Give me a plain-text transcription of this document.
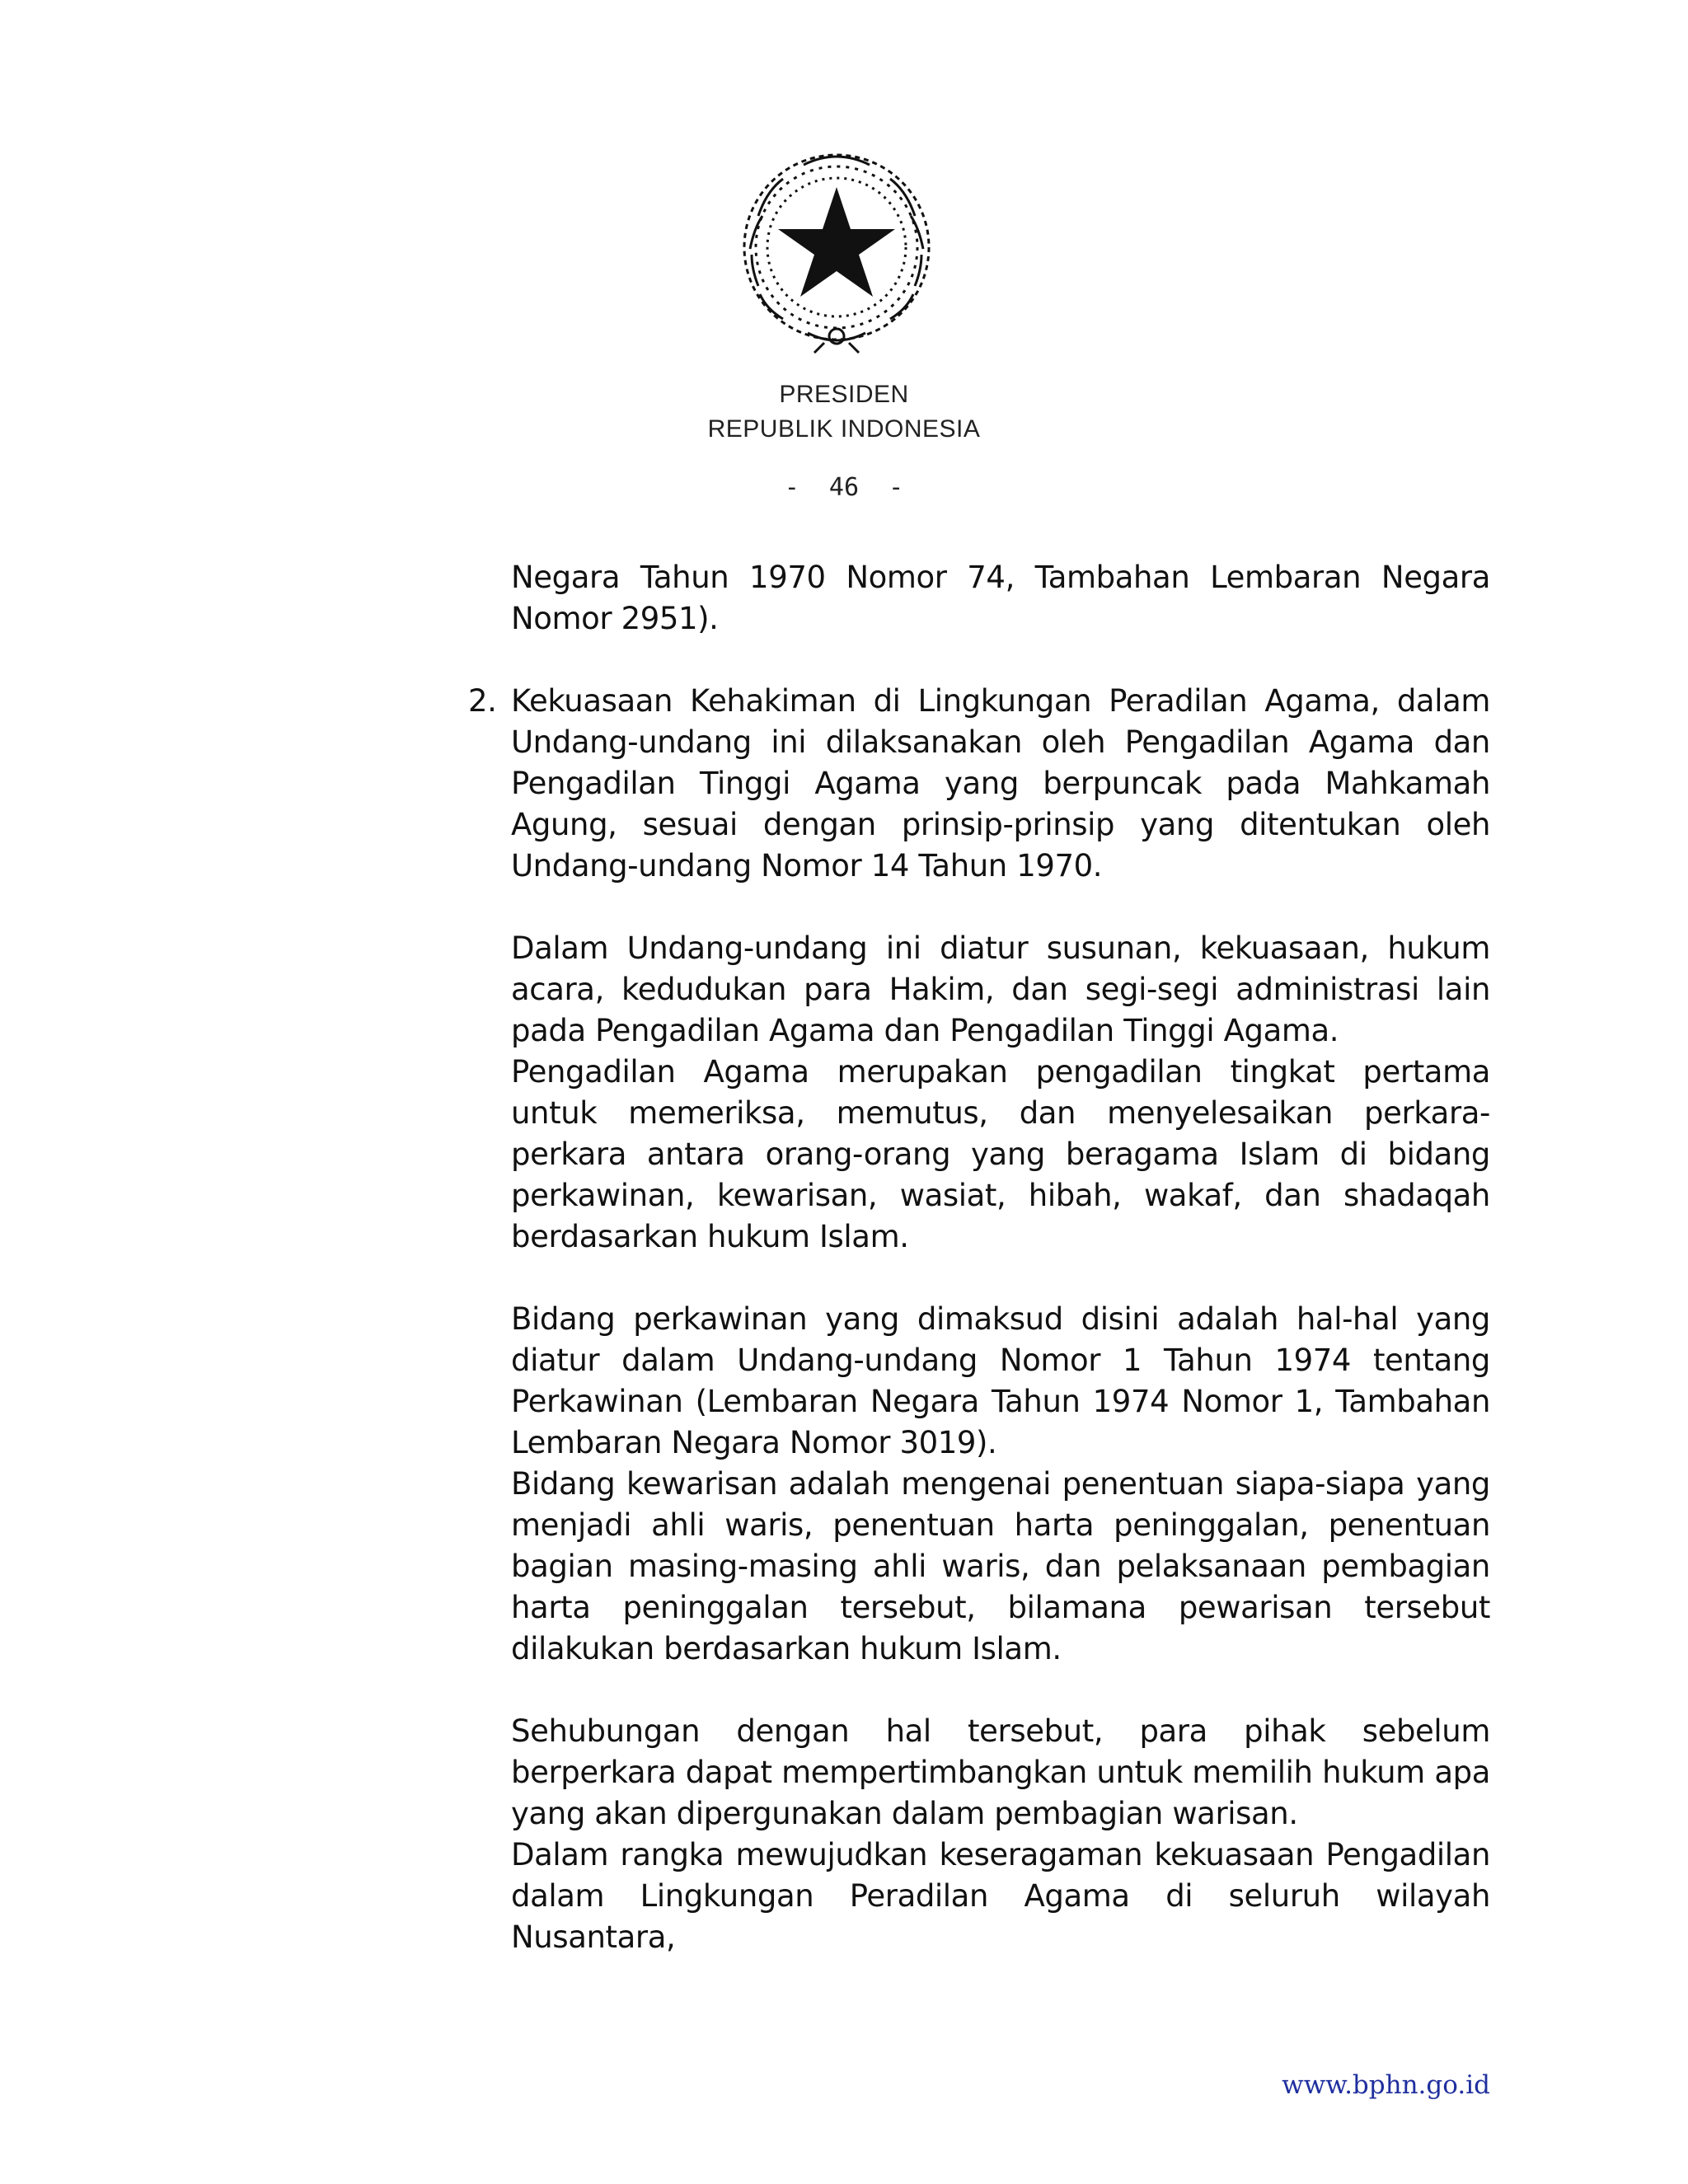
PRESIDEN
REPUBLIK INDONESIA
-  46  -

Negara Tahun 1970 Nomor 74, Tambahan Lembaran Negara Nomor 2951).

2. Kekuasaan Kehakiman di Lingkungan Peradilan Agama, dalam Undang-undang ini dilaksanakan oleh Pengadilan Agama dan Pengadilan Tinggi Agama yang berpuncak pada Mahkamah Agung, sesuai dengan prinsip-prinsip yang ditentukan oleh Undang-undang Nomor 14 Tahun 1970.

Dalam Undang-undang ini diatur susunan, kekuasaan, hukum acara, kedudukan para Hakim, dan segi-segi administrasi lain pada Pengadilan Agama dan Pengadilan Tinggi Agama.

Pengadilan Agama merupakan pengadilan tingkat pertama untuk memeriksa, memutus, dan menyelesaikan perkara-perkara antara orang-orang yang beragama Islam di bidang perkawinan, kewarisan, wasiat, hibah, wakaf, dan shadaqah berdasarkan hukum Islam.

Bidang perkawinan yang dimaksud disini adalah hal-hal yang diatur dalam Undang-undang Nomor 1 Tahun 1974 tentang Perkawinan (Lembaran Negara Tahun 1974 Nomor 1, Tambahan Lembaran Negara Nomor 3019).

Bidang kewarisan adalah mengenai penentuan siapa-siapa yang menjadi ahli waris, penentuan harta peninggalan, penentuan bagian masing-masing ahli waris, dan pelaksanaan pembagian harta peninggalan tersebut, bilamana pewarisan tersebut dilakukan berdasarkan hukum Islam.

Sehubungan dengan hal tersebut, para pihak sebelum berperkara dapat mempertimbangkan untuk memilih hukum apa yang akan dipergunakan dalam pembagian warisan.

Dalam rangka mewujudkan keseragaman kekuasaan Pengadilan dalam Lingkungan Peradilan Agama di seluruh wilayah Nusantara,

www.bphn.go.id
